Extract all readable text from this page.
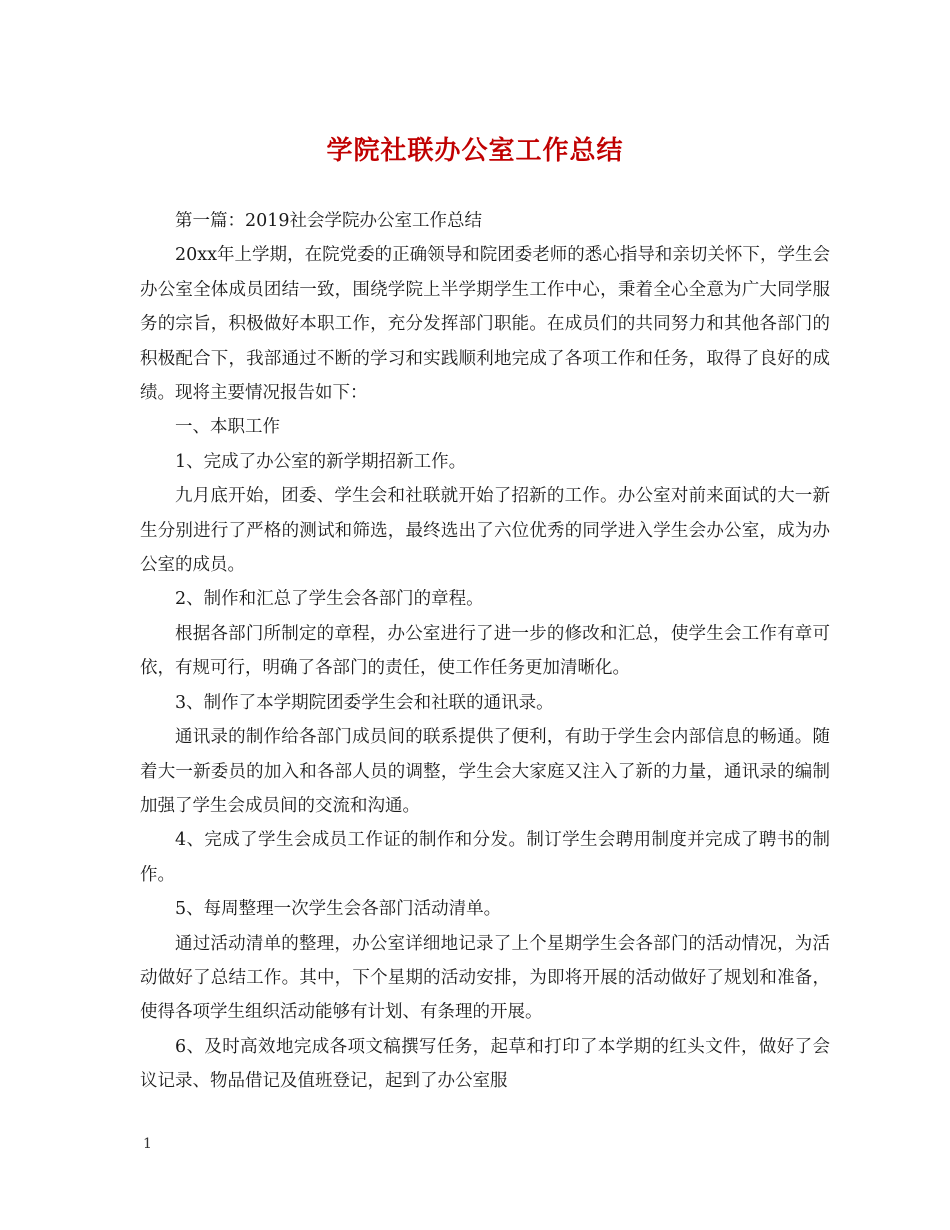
学院社联办公室工作总结

第一篇：2019社会学院办公室工作总结

20xx年上学期，在院党委的正确领导和院团委老师的悉心指导和亲切关怀下，学生会办公室全体成员团结一致，围绕学院上半学期学生工作中心，秉着全心全意为广大同学服务的宗旨，积极做好本职工作，充分发挥部门职能。在成员们的共同努力和其他各部门的积极配合下，我部通过不断的学习和实践顺利地完成了各项工作和任务，取得了良好的成绩。现将主要情况报告如下：

一、本职工作

1、完成了办公室的新学期招新工作。

九月底开始，团委、学生会和社联就开始了招新的工作。办公室对前来面试的大一新生分别进行了严格的测试和筛选，最终选出了六位优秀的同学进入学生会办公室，成为办公室的成员。

2、制作和汇总了学生会各部门的章程。

根据各部门所制定的章程，办公室进行了进一步的修改和汇总，使学生会工作有章可依，有规可行，明确了各部门的责任，使工作任务更加清晰化。

3、制作了本学期院团委学生会和社联的通讯录。

通讯录的制作给各部门成员间的联系提供了便利，有助于学生会内部信息的畅通。随着大一新委员的加入和各部人员的调整，学生会大家庭又注入了新的力量，通讯录的编制加强了学生会成员间的交流和沟通。

4、完成了学生会成员工作证的制作和分发。制订学生会聘用制度并完成了聘书的制作。

5、每周整理一次学生会各部门活动清单。

通过活动清单的整理，办公室详细地记录了上个星期学生会各部门的活动情况，为活动做好了总结工作。其中，下个星期的活动安排，为即将开展的活动做好了规划和准备，使得各项学生组织活动能够有计划、有条理的开展。

6、及时高效地完成各项文稿撰写任务，起草和打印了本学期的红头文件，做好了会议记录、物品借记及值班登记，起到了办公室服

1
